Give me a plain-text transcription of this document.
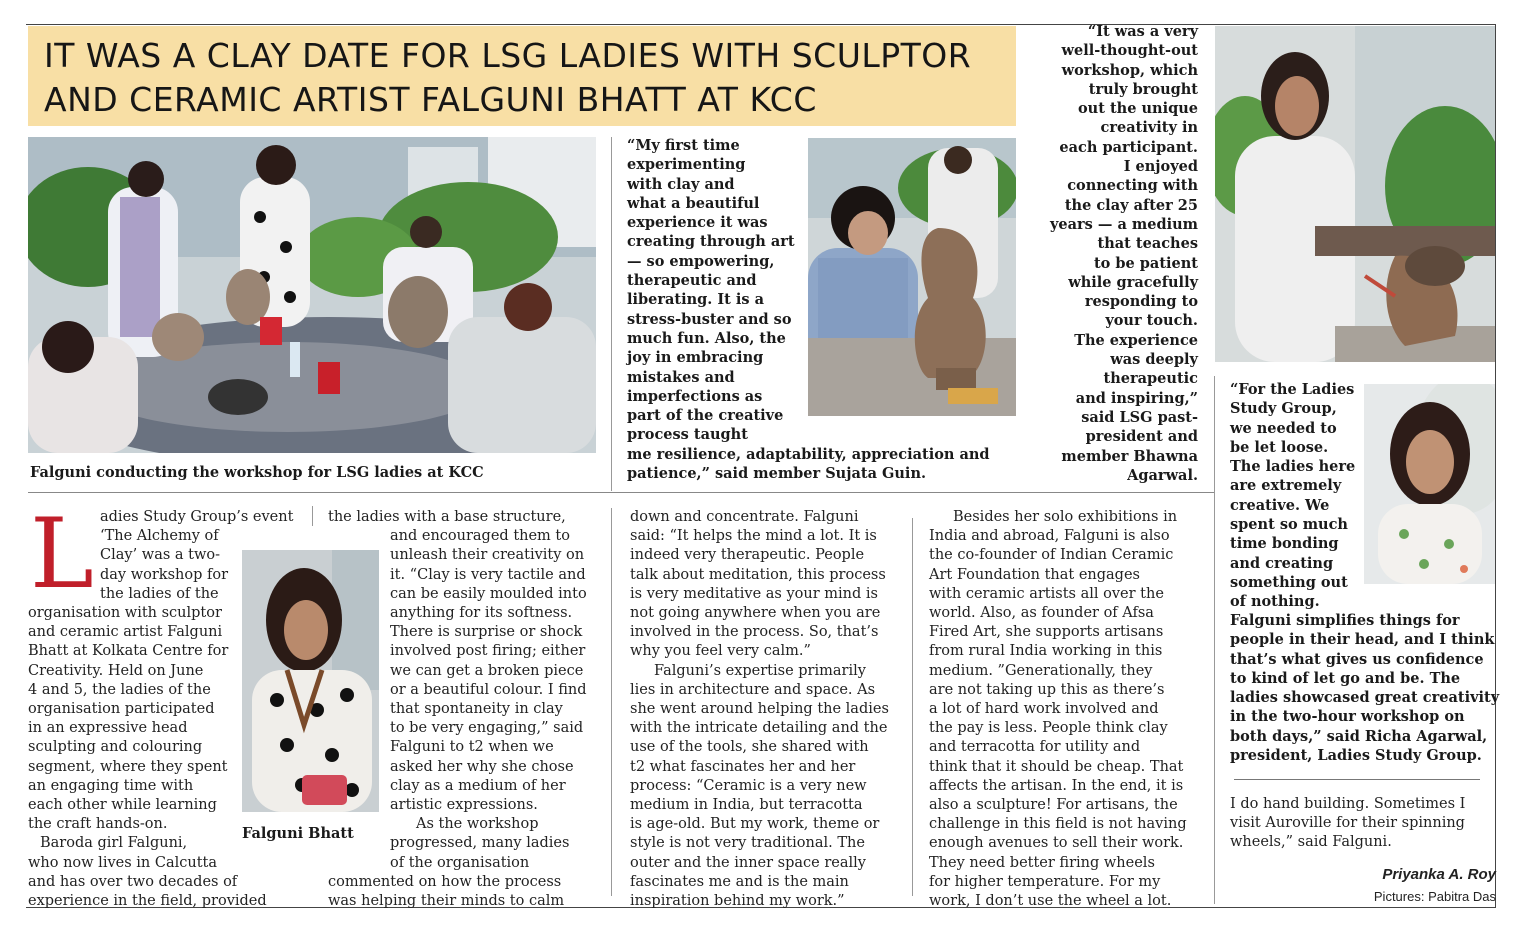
IT WAS A CLAY DATE FOR LSG LADIES WITH SCULPTOR
AND CERAMIC ARTIST FALGUNI BHATT AT KCC
Falguni conducting the workshop for LSG ladies at KCC
“My first time
experimenting
with clay and
what a beautiful
experience it was
creating through art
— so empowering,
therapeutic and
liberating. It is a
stress-buster and so
much fun. Also, the
joy in embracing
mistakes and
imperfections as
part of the creative
process taught
me resilience, adaptability, appreciation and
patience,” said member Sujata Guin.
“It was a very
well-thought-out
workshop, which
truly brought
out the unique
creativity in
each participant.
I enjoyed
connecting with
the clay after 25
years — a medium
that teaches
to be patient
while gracefully
responding to
your touch.
The experience
was deeply
therapeutic
and inspiring,”
said LSG past-
president and
member Bhawna
Agarwal.
“For the Ladies
Study Group,
we needed to
be let loose.
The ladies here
are extremely
creative. We
spent so much
time bonding
and creating
something out
of nothing.
Falguni simplifies things for
people in their head, and I think
that’s what gives us confidence
to kind of let go and be. The
ladies showcased great creativity
in the two-hour workshop on
both days,” said Richa Agarwal,
president, Ladies Study Group.
L adies Study Group’s event
‘The Alchemy of
Clay’ was a two-
day workshop for
the ladies of the
organisation with sculptor
and ceramic artist Falguni
Bhatt at Kolkata Centre for
Creativity. Held on June
4 and 5, the ladies of the
organisation participated
in an expressive head
sculpting and colouring
segment, where they spent
an engaging time with
each other while learning
the craft hands-on.
Baroda girl Falguni,
who now lives in Calcutta
and has over two decades of
experience in the field, provided
Falguni Bhatt
the ladies with a base structure,
and encouraged them to
unleash their creativity on
it. “Clay is very tactile and
can be easily moulded into
anything for its softness.
There is surprise or shock
involved post firing; either
we can get a broken piece
or a beautiful colour. I find
that spontaneity in clay
to be very engaging,” said
Falguni to t2 when we
asked her why she chose
clay as a medium of her
artistic expressions.
As the workshop
progressed, many ladies
of the organisation
commented on how the process
was helping their minds to calm
down and concentrate. Falguni
said: “It helps the mind a lot. It is
indeed very therapeutic. People
talk about meditation, this process
is very meditative as your mind is
not going anywhere when you are
involved in the process. So, that’s
why you feel very calm.”
Falguni’s expertise primarily
lies in architecture and space. As
she went around helping the ladies
with the intricate detailing and the
use of the tools, she shared with
t2 what fascinates her and her
process: “Ceramic is a very new
medium in India, but terracotta
is age-old. But my work, theme or
style is not very traditional. The
outer and the inner space really
fascinates me and is the main
inspiration behind my work.”
Besides her solo exhibitions in
India and abroad, Falguni is also
the co-founder of Indian Ceramic
Art Foundation that engages
with ceramic artists all over the
world. Also, as founder of Afsa
Fired Art, she supports artisans
from rural India working in this
medium. ”Generationally, they
are not taking up this as there’s
a lot of hard work involved and
the pay is less. People think clay
and terracotta for utility and
think that it should be cheap. That
affects the artisan. In the end, it is
also a sculpture! For artisans, the
challenge in this field is not having
enough avenues to sell their work.
They need better firing wheels
for higher temperature. For my
work, I don’t use the wheel a lot.
I do hand building. Sometimes I
visit Auroville for their spinning
wheels,” said Falguni.
Priyanka A. Roy
Pictures: Pabitra Das
